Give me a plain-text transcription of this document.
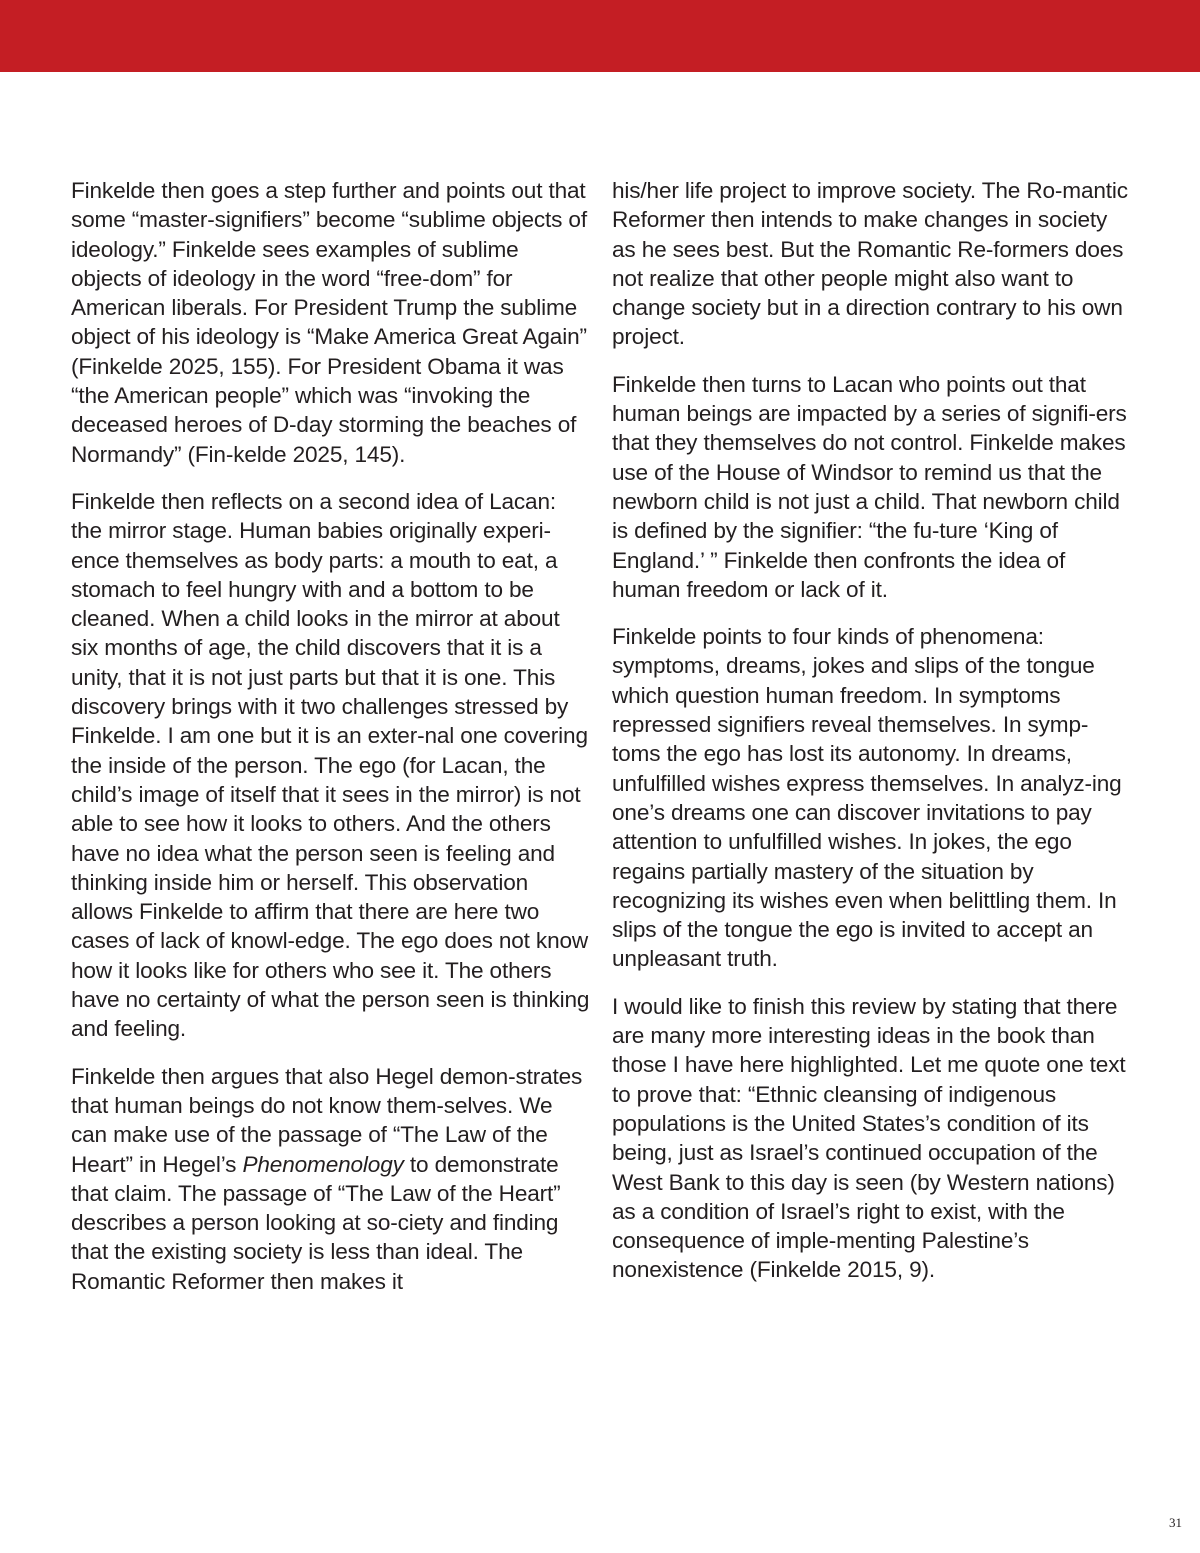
Finkelde then goes a step further and points out that some “master-signifiers” become “sublime objects of ideology.” Finkelde sees examples of sublime objects of ideology in the word “free-dom” for American liberals. For President Trump the sublime object of his ideology is “Make America Great Again” (Finkelde 2025, 155). For President Obama it was “the American people” which was “invoking the deceased heroes of D-day storming the beaches of Normandy” (Fin-kelde 2025, 145).

Finkelde then reflects on a second idea of Lacan: the mirror stage. Human babies originally experi-ence themselves as body parts: a mouth to eat, a stomach to feel hungry with and a bottom to be cleaned. When a child looks in the mirror at about six months of age, the child discovers that it is a unity, that it is not just parts but that it is one. This discovery brings with it two challenges stressed by Finkelde. I am one but it is an exter-nal one covering the inside of the person. The ego (for Lacan, the child’s image of itself that it sees in the mirror) is not able to see how it looks to others. And the others have no idea what the person seen is feeling and thinking inside him or herself. This observation allows Finkelde to affirm that there are here two cases of lack of knowl-edge. The ego does not know how it looks like for others who see it. The others have no certainty of what the person seen is thinking and feeling.

Finkelde then argues that also Hegel demon-strates that human beings do not know them-selves. We can make use of the passage of “The Law of the Heart” in Hegel’s Phenomenology to demonstrate that claim. The passage of “The Law of the Heart” describes a person looking at so-ciety and finding that the existing society is less than ideal. The Romantic Reformer then makes it

his/her life project to improve society. The Ro-mantic Reformer then intends to make changes in society as he sees best. But the Romantic Re-formers does not realize that other people might also want to change society but in a direction contrary to his own project.

Finkelde then turns to Lacan who points out that human beings are impacted by a series of signifi-ers that they themselves do not control. Finkelde makes use of the House of Windsor to remind us that the newborn child is not just a child. That newborn child is defined by the signifier: “the fu-ture ‘King of England.’ ” Finkelde then confronts the idea of human freedom or lack of it.

Finkelde points to four kinds of phenomena: symptoms, dreams, jokes and slips of the tongue which question human freedom. In symptoms repressed signifiers reveal themselves. In symp-toms the ego has lost its autonomy. In dreams, unfulfilled wishes express themselves. In analyz-ing one’s dreams one can discover invitations to pay attention to unfulfilled wishes. In jokes, the ego regains partially mastery of the situation by recognizing its wishes even when belittling them. In slips of the tongue the ego is invited to accept an unpleasant truth.

I would like to finish this review by stating that there are many more interesting ideas in the book than those I have here highlighted. Let me quote one text to prove that: “Ethnic cleansing of indigenous populations is the United States’s condition of its being, just as Israel’s continued occupation of the West Bank to this day is seen (by Western nations) as a condition of Israel’s right to exist, with the consequence of imple-menting Palestine’s nonexistence (Finkelde 2015, 9).

31
